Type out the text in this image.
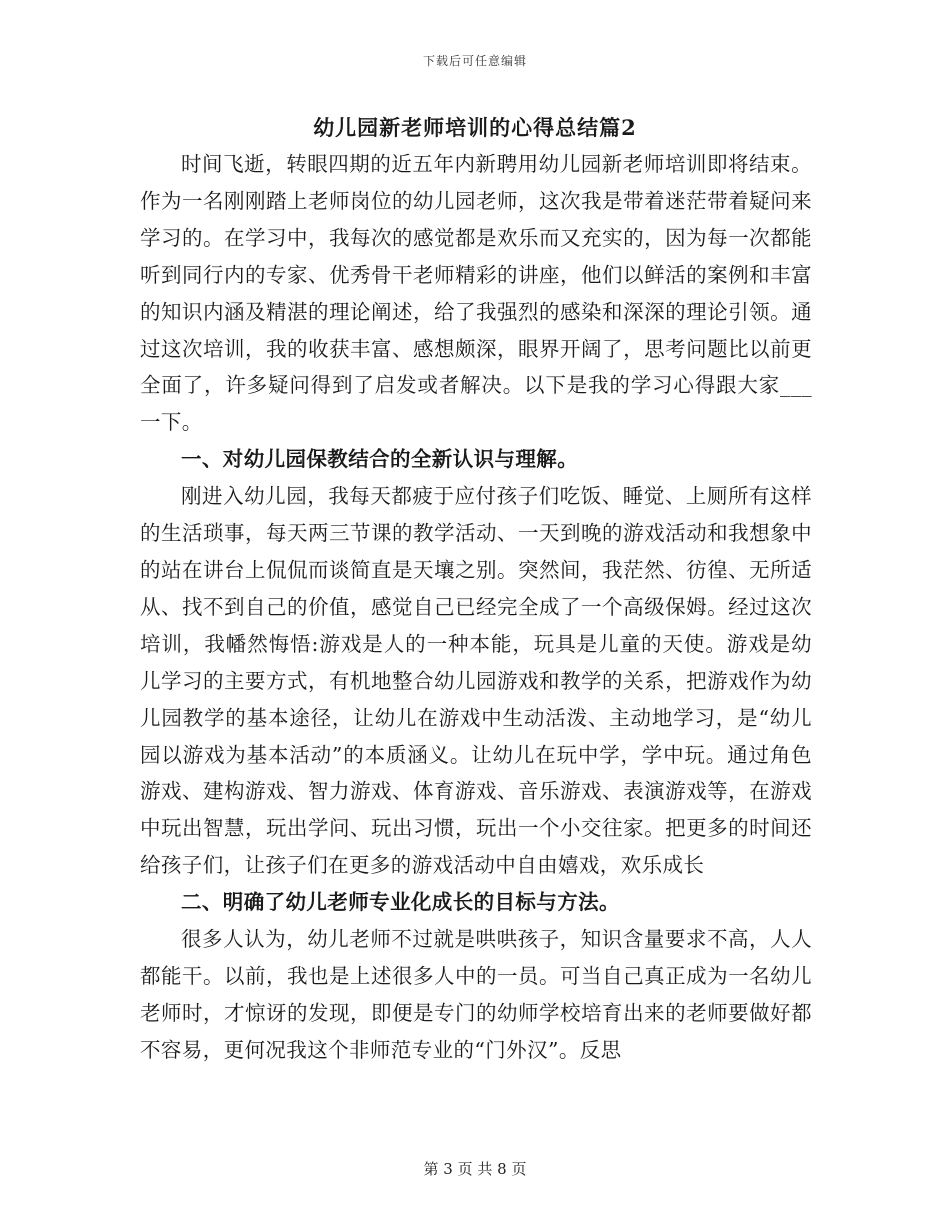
下载后可任意编辑
幼儿园新老师培训的心得总结篇2

时间飞逝，转眼四期的近五年内新聘用幼儿园新老师培训即将结束。作为一名刚刚踏上老师岗位的幼儿园老师，这次我是带着迷茫带着疑问来学习的。在学习中，我每次的感觉都是欢乐而又充实的，因为每一次都能听到同行内的专家、优秀骨干老师精彩的讲座，他们以鲜活的案例和丰富的知识内涵及精湛的理论阐述，给了我强烈的感染和深深的理论引领。通过这次培训，我的收获丰富、感想颇深，眼界开阔了，思考问题比以前更全面了，许多疑问得到了启发或者解决。以下是我的学习心得跟大家___一下。

一、对幼儿园保教结合的全新认识与理解。

刚进入幼儿园，我每天都疲于应付孩子们吃饭、睡觉、上厕所有这样的生活琐事，每天两三节课的教学活动、一天到晚的游戏活动和我想象中的站在讲台上侃侃而谈简直是天壤之别。突然间，我茫然、彷徨、无所适从、找不到自己的价值，感觉自己已经完全成了一个高级保姆。经过这次培训，我幡然悔悟:游戏是人的一种本能，玩具是儿童的天使。游戏是幼儿学习的主要方式，有机地整合幼儿园游戏和教学的关系，把游戏作为幼儿园教学的基本途径，让幼儿在游戏中生动活泼、主动地学习，是“幼儿园以游戏为基本活动”的本质涵义。让幼儿在玩中学，学中玩。通过角色游戏、建构游戏、智力游戏、体育游戏、音乐游戏、表演游戏等，在游戏中玩出智慧，玩出学问、玩出习惯，玩出一个小交往家。把更多的时间还给孩子们，让孩子们在更多的游戏活动中自由嬉戏，欢乐成长

二、明确了幼儿老师专业化成长的目标与方法。

很多人认为，幼儿老师不过就是哄哄孩子，知识含量要求不高，人人都能干。以前，我也是上述很多人中的一员。可当自己真正成为一名幼儿老师时，才惊讶的发现，即便是专门的幼师学校培育出来的老师要做好都不容易，更何况我这个非师范专业的“门外汉”。反思

第 3 页 共 8 页
